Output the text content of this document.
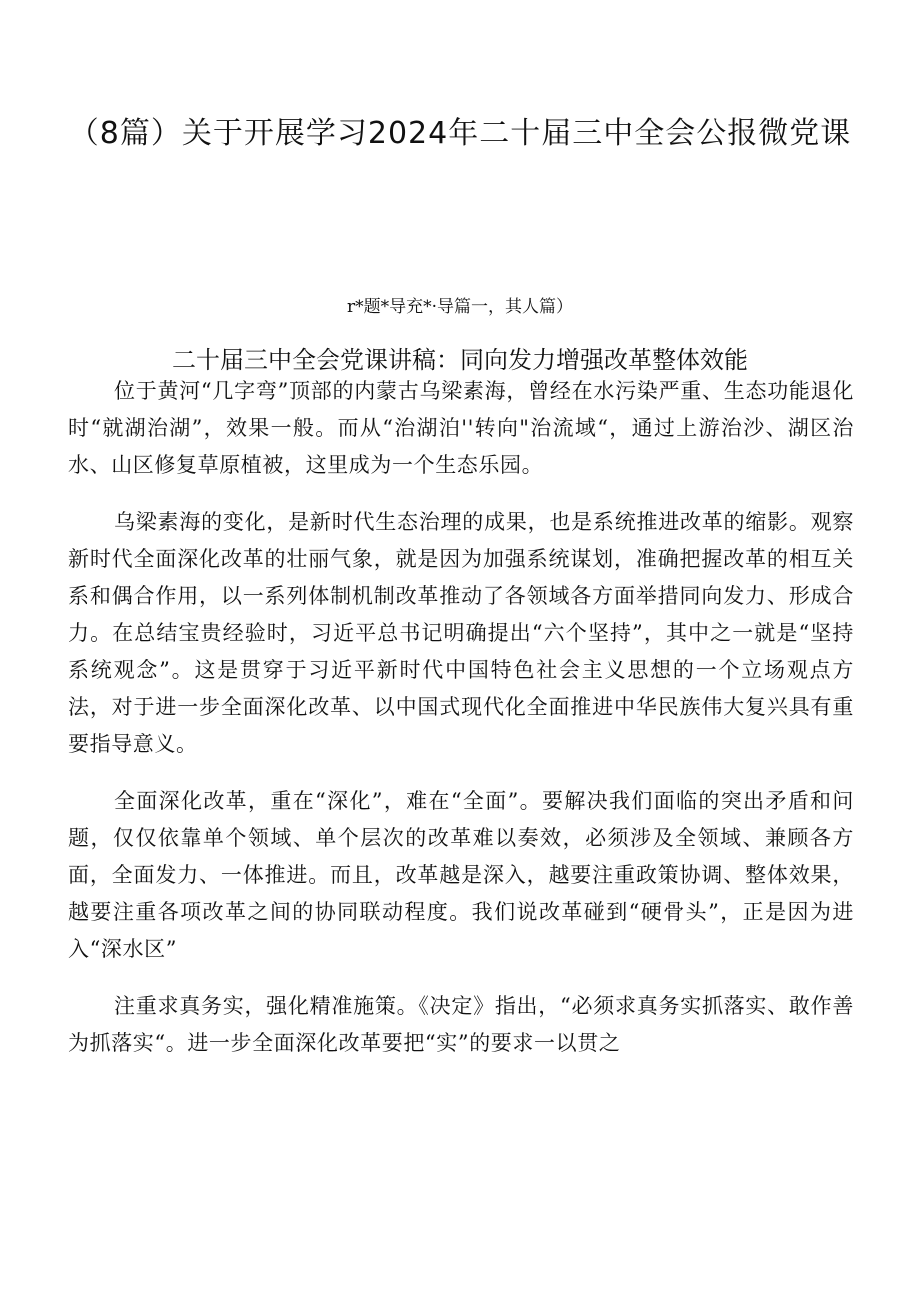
（8篇）关于开展学习2024年二十届三中全会公报微党课

r*题*导充*·导篇一，其人篇）

二十届三中全会党课讲稿：同向发力增强改革整体效能

位于黄河“几字弯”顶部的内蒙古乌梁素海，曾经在水污染严重、生态功能退化时“就湖治湖”，效果一般。而从“治湖泊''转向"治流域“，通过上游治沙、湖区治水、山区修复草原植被，这里成为一个生态乐园。

乌梁素海的变化，是新时代生态治理的成果，也是系统推进改革的缩影。观察新时代全面深化改革的壮丽气象，就是因为加强系统谋划，准确把握改革的相互关系和偶合作用，以一系列体制机制改革推动了各领域各方面举措同向发力、形成合力。在总结宝贵经验时，习近平总书记明确提出“六个坚持”，其中之一就是“坚持系统观念”。这是贯穿于习近平新时代中国特色社会主义思想的一个立场观点方法，对于进一步全面深化改革、以中国式现代化全面推进中华民族伟大复兴具有重要指导意义。

全面深化改革，重在“深化”，难在“全面”。要解决我们面临的突出矛盾和问题，仅仅依靠单个领域、单个层次的改革难以奏效，必须涉及全领域、兼顾各方面，全面发力、一体推进。而且，改革越是深入，越要注重政策协调、整体效果，越要注重各项改革之间的协同联动程度。我们说改革碰到“硬骨头”，正是因为进入“深水区”

注重求真务实，强化精准施策。《决定》指出，“必须求真务实抓落实、敢作善为抓落实“。进一步全面深化改革要把“实”的要求一以贯之
